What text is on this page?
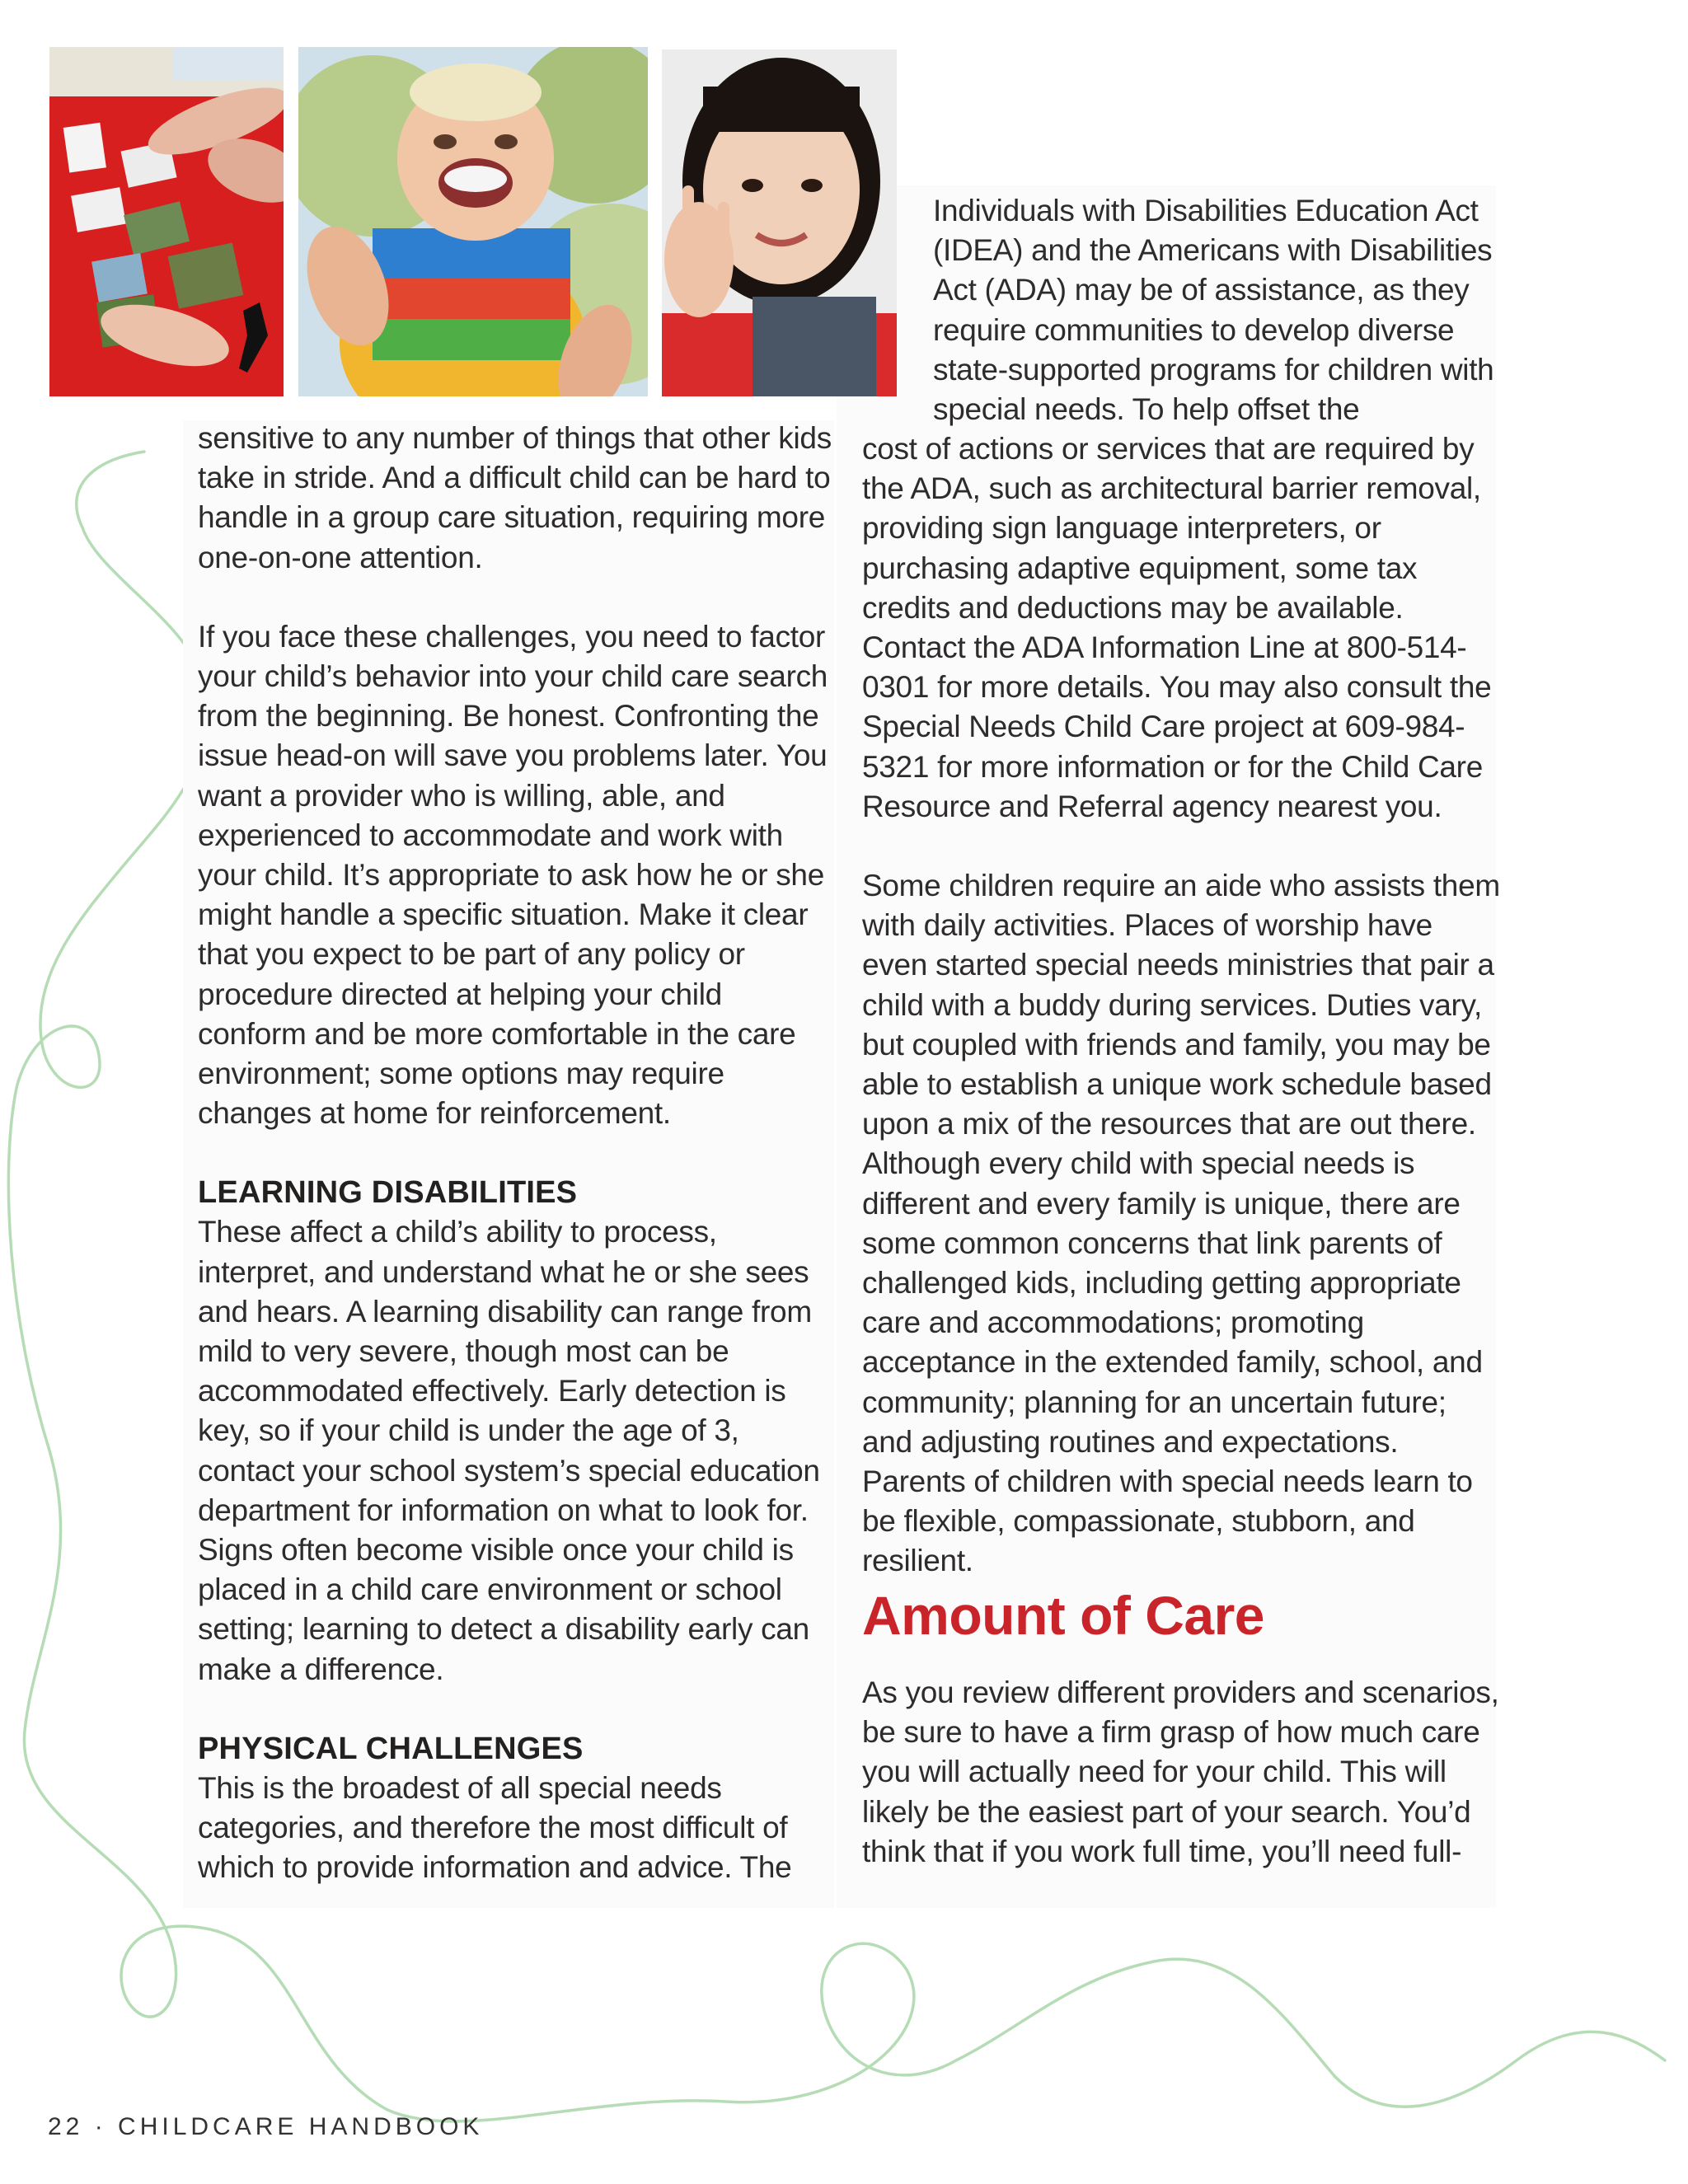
sensitive to any number of things that other kids take in stride. And a difficult child can be hard to handle in a group care situation, requiring more one-on-one attention.

If you face these challenges, you need to factor your child’s behavior into your child care search from the beginning. Be honest. Confronting the issue head-on will save you problems later. You want a provider who is willing, able, and experienced to accommodate and work with your child. It’s appropriate to ask how he or she might handle a specific situation. Make it clear that you expect to be part of any policy or procedure directed at helping your child conform and be more comfortable in the care environment; some options may require changes at home for reinforcement.

LEARNING DISABILITIES

These affect a child’s ability to process, interpret, and understand what he or she sees and hears. A learning disability can range from mild to very severe, though most can be accommodated effectively. Early detection is key, so if your child is under the age of 3, contact your school system’s special education department for information on what to look for. Signs often become visible once your child is placed in a child care environment or school setting; learning to detect a disability early can make a difference.

PHYSICAL CHALLENGES

This is the broadest of all special needs categories, and therefore the most difficult of which to provide information and advice. The

Individuals with Disabilities Education Act (IDEA) and the Americans with Disabilities Act (ADA) may be of assistance, as they require communities to develop diverse state-supported programs for children with special needs. To help offset the

cost of actions or services that are required by the ADA, such as architectural barrier removal, providing sign language interpreters, or purchasing adaptive equipment, some tax credits and deductions may be available. Contact the ADA Information Line at 800-514-0301 for more details. You may also consult the Special Needs Child Care project at 609-984-5321 for more information or for the Child Care Resource and Referral agency nearest you.

Some children require an aide who assists them with daily activities. Places of worship have even started special needs ministries that pair a child with a buddy during services. Duties vary, but coupled with friends and family, you may be able to establish a unique work schedule based upon a mix of the resources that are out there. Although every child with special needs is different and every family is unique, there are some common concerns that link parents of challenged kids, including getting appropriate care and accommodations; promoting acceptance in the extended family, school, and community; planning for an uncertain future; and adjusting routines and expectations. Parents of children with special needs learn to be flexible, compassionate, stubborn, and resilient.

Amount of Care

As you review different providers and scenarios, be sure to have a firm grasp of how much care you will actually need for your child. This will likely be the easiest part of your search. You’d think that if you work full time, you’ll need full-

22 · CHILDCARE HANDBOOK
